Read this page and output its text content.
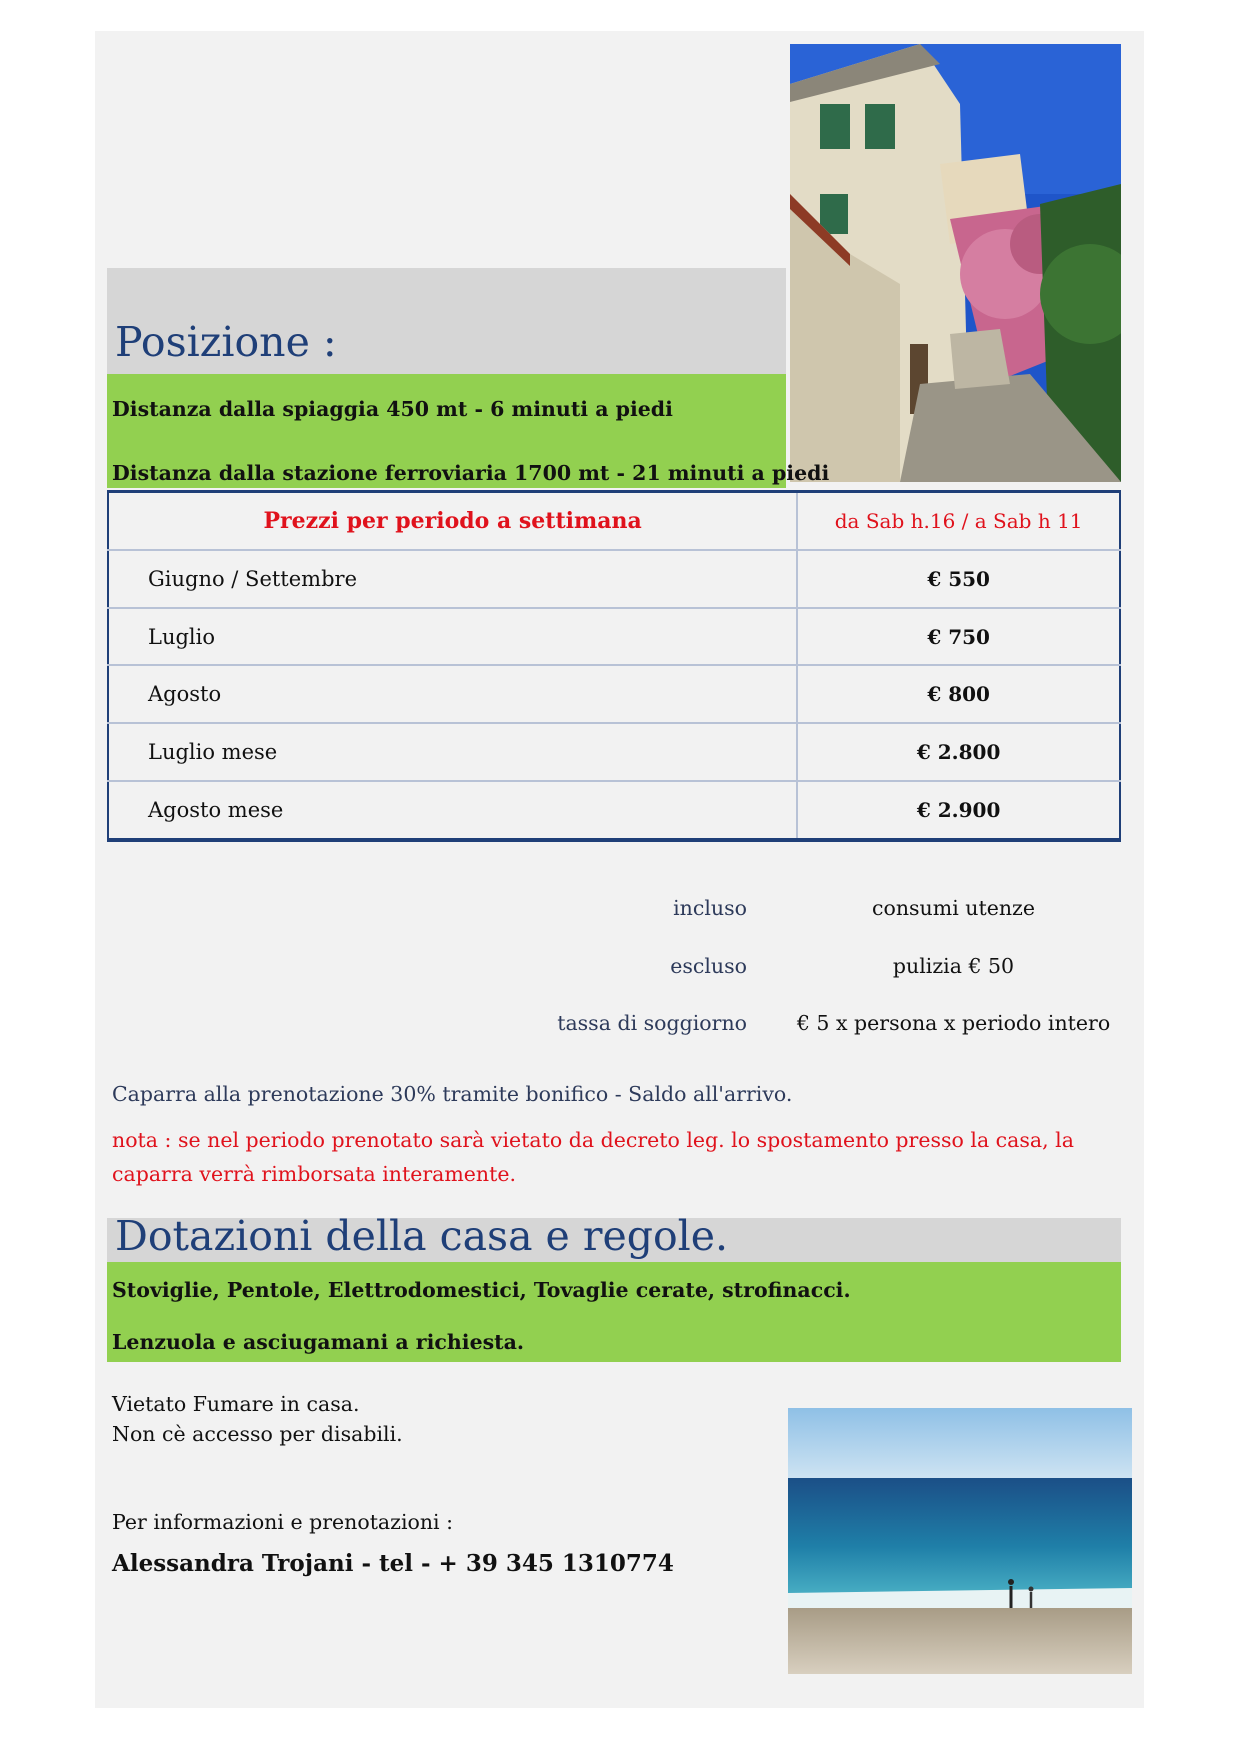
Posizione :
Distanza dalla spiaggia 450 mt - 6 minuti a piedi
Distanza dalla stazione ferroviaria 1700 mt - 21 minuti a piedi
Prezzi per periodo a settimana	da Sab h.16 / a Sab h 11
Giugno / Settembre	€ 550
Luglio	€ 750
Agosto	€ 800
Luglio mese	€ 2.800
Agosto mese	€ 2.900
incluso	consumi utenze
escluso	pulizia € 50
tassa di soggiorno	€ 5 x persona x periodo intero
Caparra alla prenotazione 30% tramite bonifico - Saldo all'arrivo.
nota : se nel periodo prenotato sarà vietato da decreto leg. lo spostamento presso la casa, la caparra verrà rimborsata interamente.
Dotazioni della casa e regole.
Stoviglie, Pentole, Elettrodomestici, Tovaglie cerate, strofinacci.
Lenzuola e asciugamani a richiesta.
Vietato Fumare in casa.
Non cè accesso per disabili.
Per informazioni e prenotazioni :
Alessandra Trojani - tel - + 39 345 1310774
